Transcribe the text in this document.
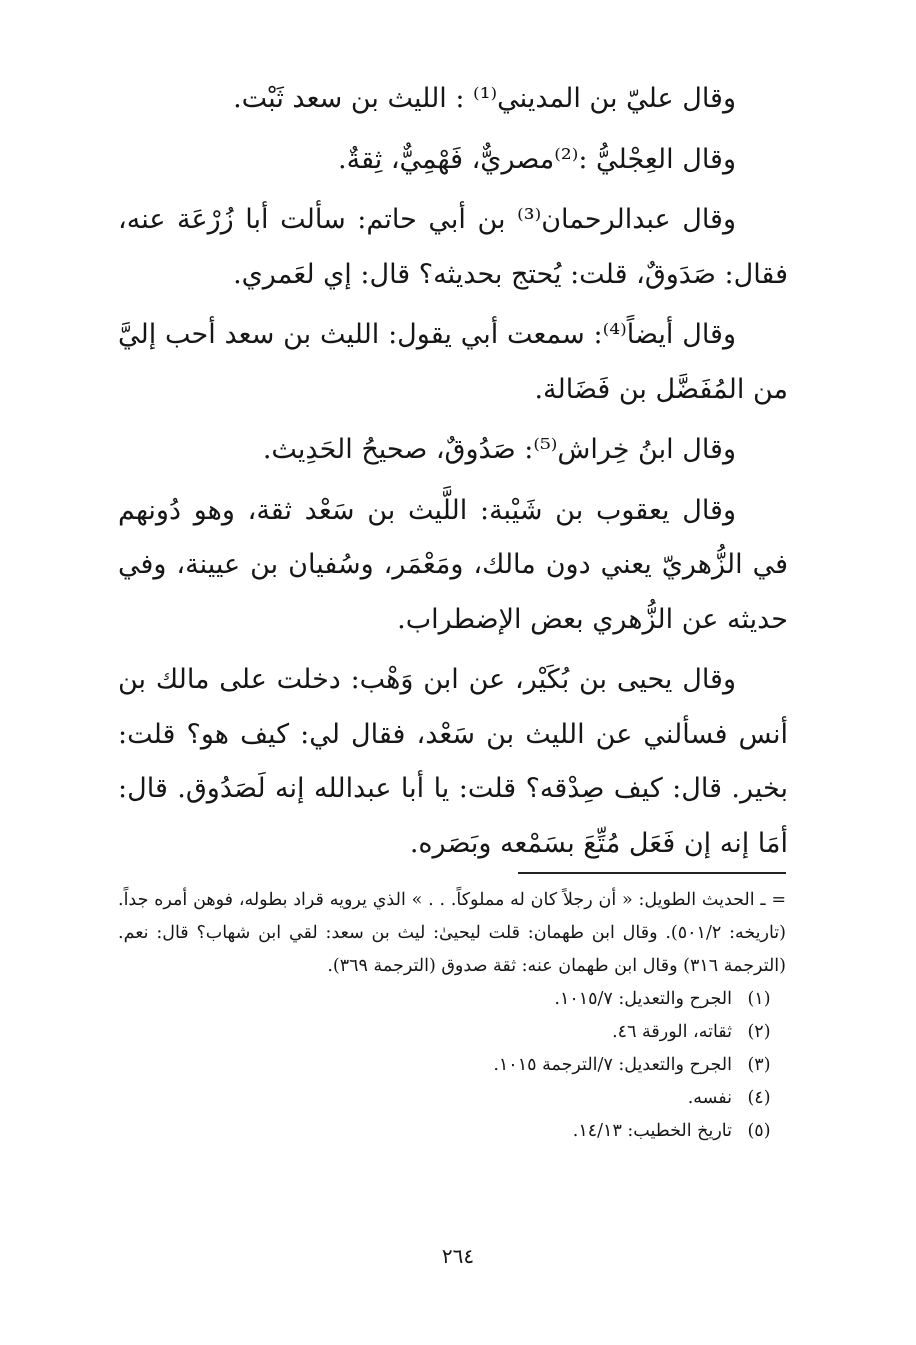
وقال عليّ بن المديني⁽¹⁾ : الليث بن سعد ثَبْت.

وقال العِجْليُّ :⁽²⁾مصريٌّ، فَهْمِيٌّ، ثِقةٌ.

وقال عبدالرحمان⁽³⁾ بن أبي حاتم: سألت أبا زُرْعَة عنه، فقال: صَدَوقٌ، قلت: يُحتج بحديثه؟ قال: إي لعَمري.

وقال أيضاً⁽⁴⁾: سمعت أبي يقول: الليث بن سعد أحب إليَّ من المُفَضَّل بن فَضَالة.

وقال ابنُ خِراش⁽⁵⁾: صَدُوقٌ، صحيحُ الحَدِيث.

وقال يعقوب بن شَيْبة: اللَّيث بن سَعْد ثقة، وهو دُونهم في الزُّهريّ يعني دون مالك، ومَعْمَر، وسُفيان بن عيينة، وفي حديثه عن الزُّهري بعض الإضطراب.

وقال يحيى بن بُكَيْر، عن ابن وَهْب: دخلت على مالك بن أنس فسألني عن الليث بن سَعْد، فقال لي: كيف هو؟ قلت: بخير. قال: كيف صِدْقه؟ قلت: يا أبا عبدالله إنه لَصَدُوق. قال: أمَا إنه إن فَعَل مُتِّعَ بسَمْعه وبَصَره.

= ـ الحديث الطويل: « أن رجلاً كان له مملوكاً. . . » الذي يرويه قراد بطوله، فوهن أمره جداً. (تاريخه: ٥٠١/٢). وقال ابن طهمان: قلت ليحيىٰ: ليث بن سعد: لقي ابن شهاب؟ قال: نعم. (الترجمة ٣١٦) وقال ابن طهمان عنه: ثقة صدوق (الترجمة ٣٦٩).

(١)
الجرح والتعديل: ١٠١٥/٧.
(٢)
ثقاته، الورقة ٤٦.
(٣)
الجرح والتعديل: ٧/الترجمة ١٠١٥.
(٤)
نفسه.
(٥)
تاريخ الخطيب: ١٤/١٣.
٢٦٤
